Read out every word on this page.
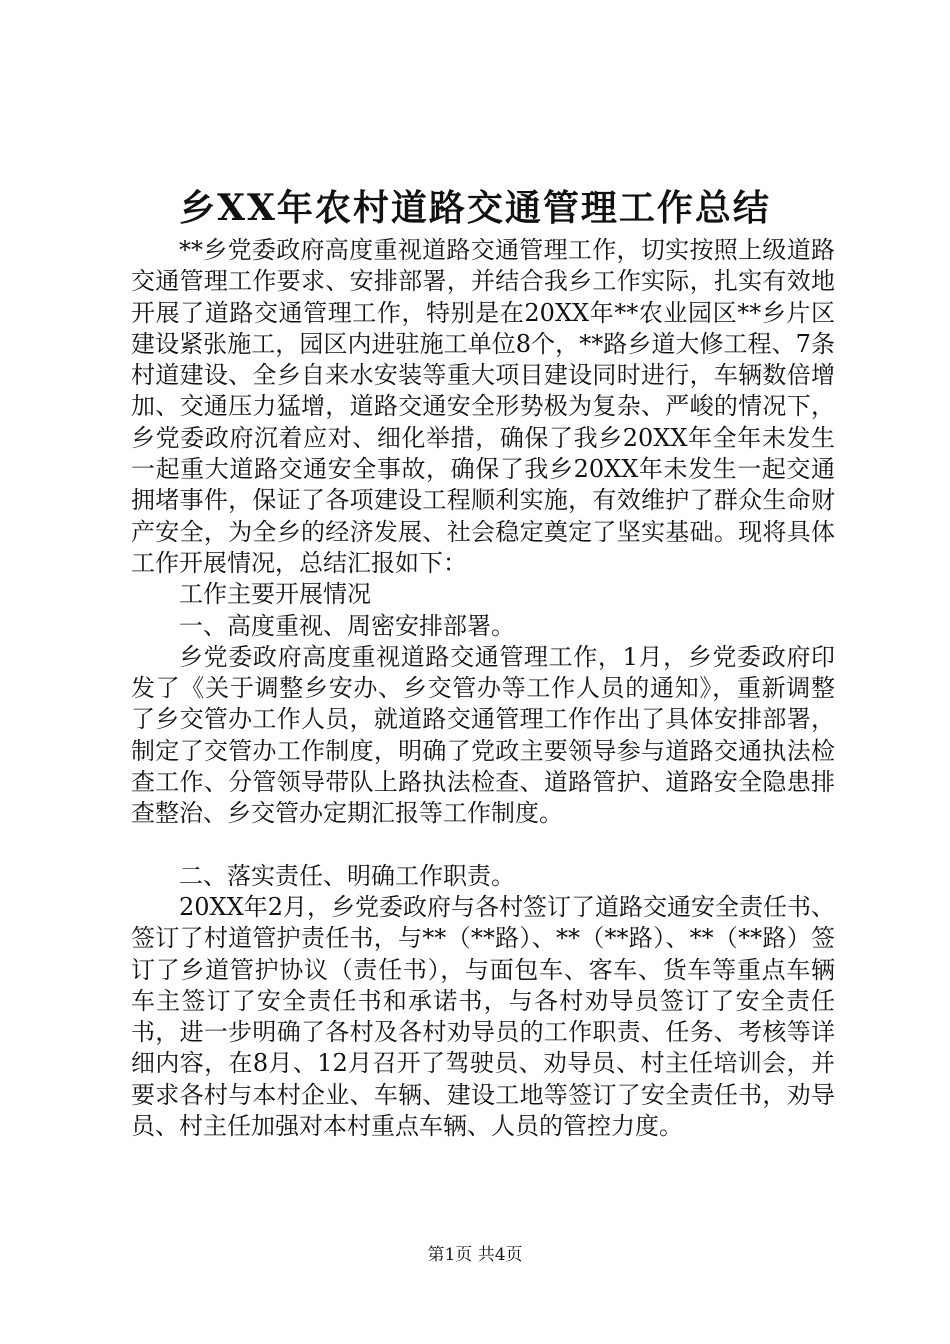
乡XX年农村道路交通管理工作总结

**乡党委政府高度重视道路交通管理工作，切实按照上级道路交通管理工作要求、安排部署，并结合我乡工作实际，扎实有效地开展了道路交通管理工作，特别是在20XX年**农业园区**乡片区建设紧张施工，园区内进驻施工单位8个，**路乡道大修工程、7条村道建设、全乡自来水安装等重大项目建设同时进行，车辆数倍增加、交通压力猛增，道路交通安全形势极为复杂、严峻的情况下，乡党委政府沉着应对、细化举措，确保了我乡20XX年全年未发生一起重大道路交通安全事故，确保了我乡20XX年未发生一起交通拥堵事件，保证了各项建设工程顺利实施，有效维护了群众生命财产安全，为全乡的经济发展、社会稳定奠定了坚实基础。现将具体工作开展情况，总结汇报如下：

工作主要开展情况

一、高度重视、周密安排部署。

乡党委政府高度重视道路交通管理工作，1月，乡党委政府印发了《关于调整乡安办、乡交管办等工作人员的通知》，重新调整了乡交管办工作人员，就道路交通管理工作作出了具体安排部署，制定了交管办工作制度，明确了党政主要领导参与道路交通执法检查工作、分管领导带队上路执法检查、道路管护、道路安全隐患排查整治、乡交管办定期汇报等工作制度。

二、落实责任、明确工作职责。

20XX年2月，乡党委政府与各村签订了道路交通安全责任书、签订了村道管护责任书，与**（**路）、**（**路）、**（**路）签订了乡道管护协议（责任书），与面包车、客车、货车等重点车辆车主签订了安全责任书和承诺书，与各村劝导员签订了安全责任书，进一步明确了各村及各村劝导员的工作职责、任务、考核等详细内容，在8月、12月召开了驾驶员、劝导员、村主任培训会，并要求各村与本村企业、车辆、建设工地等签订了安全责任书，劝导员、村主任加强对本村重点车辆、人员的管控力度。

第1页 共4页
